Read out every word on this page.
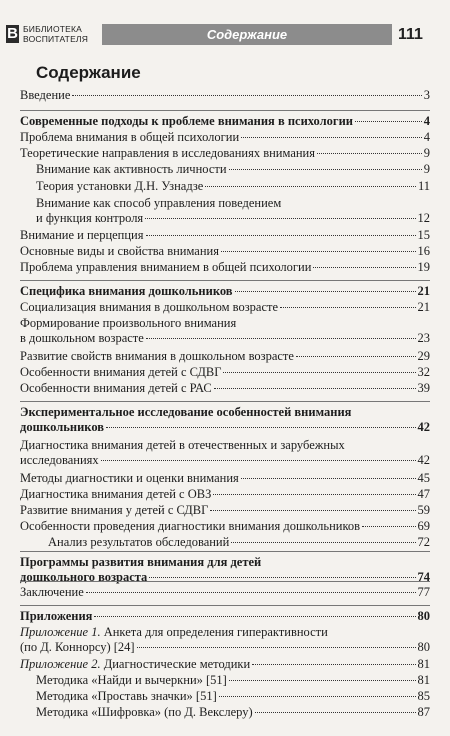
B БИБЛИОТЕКА
ВОСПИТАТЕЛЯ	Содержание	111
Содержание
Введение	3
Современные подходы к проблеме внимания в психологии	4
Проблема внимания в общей психологии	4
Теоретические направления в исследованиях внимания	9
Внимание как активность личности	9
Теория установки Д.Н. Узнадзе	11
Внимание как способ управления поведением
и функция контроля	12
Внимание и перцепция	15
Основные виды и свойства внимания	16
Проблема управления вниманием в общей психологии	19
Специфика внимания дошкольников	21
Социализация внимания в дошкольном возрасте	21
Формирование произвольного внимания
в дошкольном возрасте	23
Развитие свойств внимания в дошкольном возрасте	29
Особенности внимания детей с СДВГ	32
Особенности внимания детей с РАС	39
Экспериментальное исследование особенностей внимания
дошкольников	42
Диагностика внимания детей в отечественных и зарубежных
исследованиях	42
Методы диагностики и оценки внимания	45
Диагностика внимания детей с ОВЗ	47
Развитие внимания у детей с СДВГ	59
Особенности проведения диагностики внимания дошкольников	69
Анализ результатов обследований	72
Программы развития внимания для детей
дошкольного возраста	74
Заключение	77
Приложения	80
Приложение 1. Анкета для определения гиперактивности
(по Д. Коннорсу) [24]	80
Приложение 2. Диагностические методики	81
Методика «Найди и вычеркни» [51]	81
Методика «Проставь значки» [51]	85
Методика «Шифровка» (по Д. Векслеру)	87
